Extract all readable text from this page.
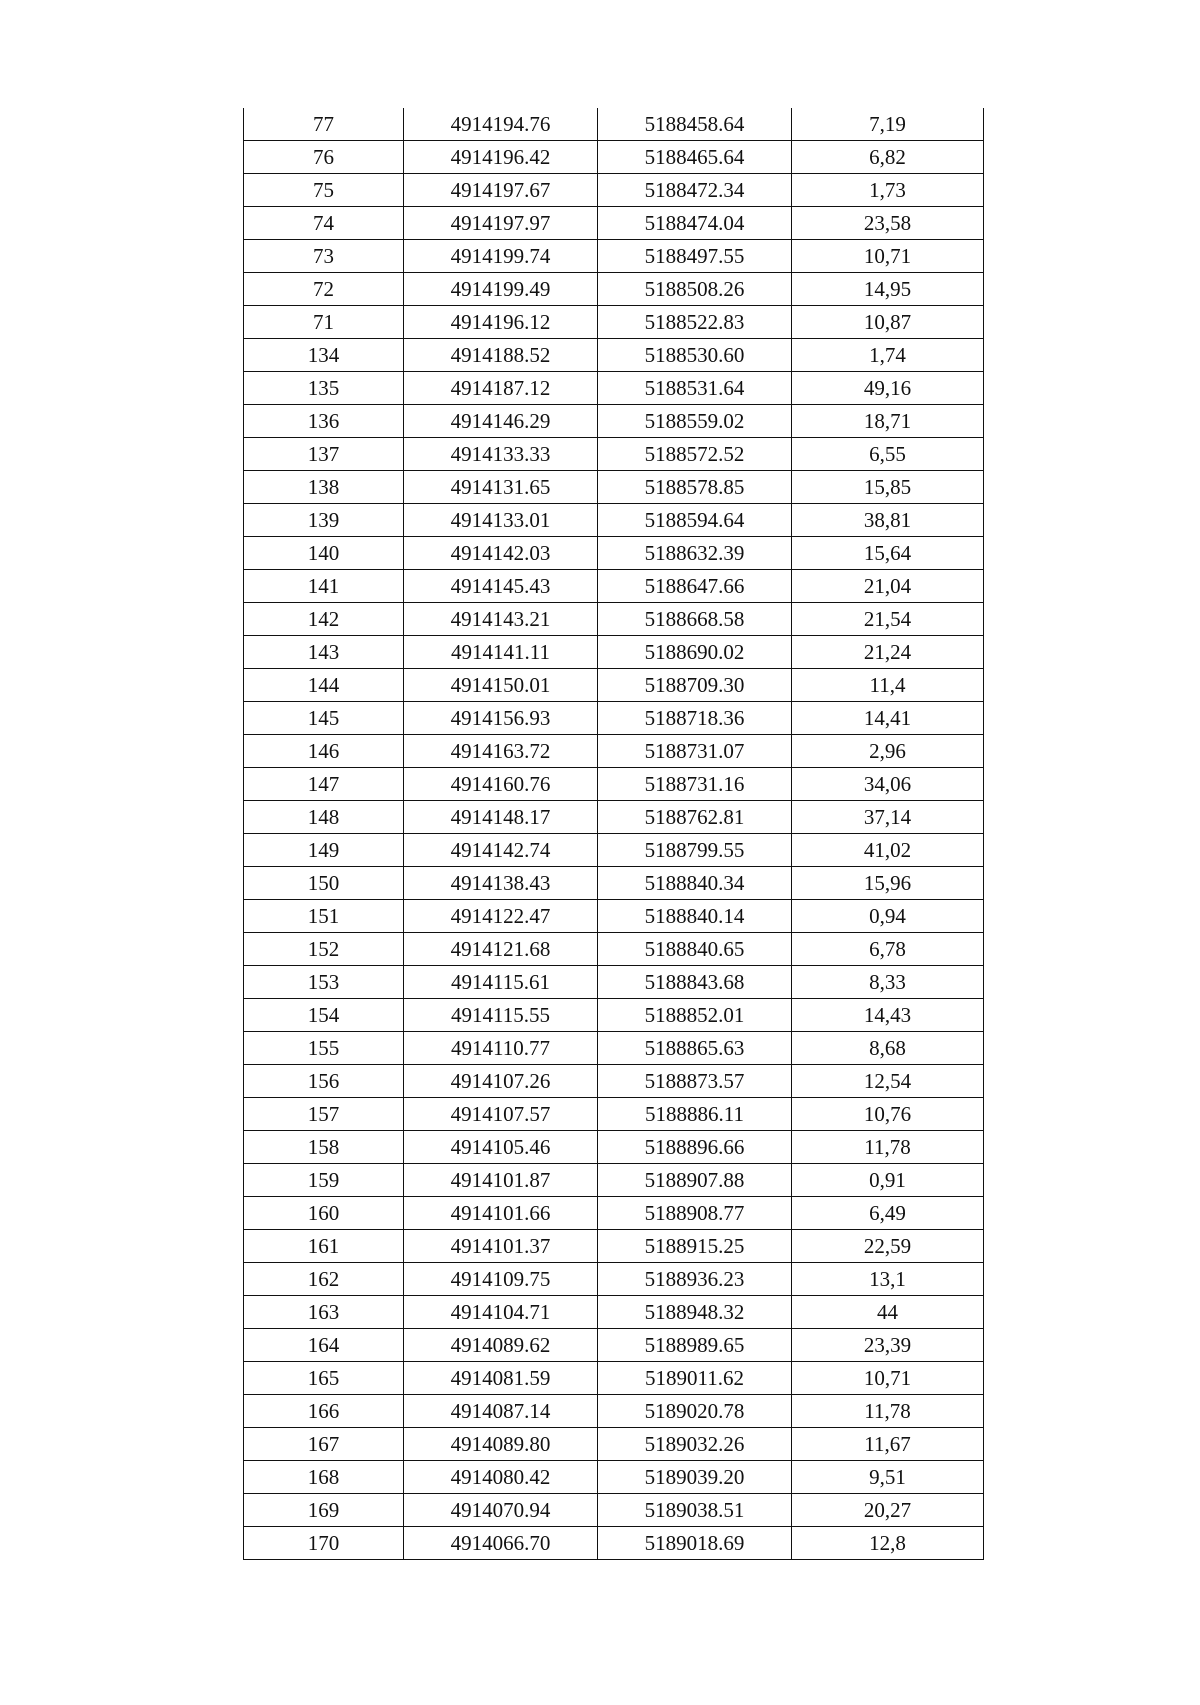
77	4914194.76	5188458.64	7,19
76	4914196.42	5188465.64	6,82
75	4914197.67	5188472.34	1,73
74	4914197.97	5188474.04	23,58
73	4914199.74	5188497.55	10,71
72	4914199.49	5188508.26	14,95
71	4914196.12	5188522.83	10,87
134	4914188.52	5188530.60	1,74
135	4914187.12	5188531.64	49,16
136	4914146.29	5188559.02	18,71
137	4914133.33	5188572.52	6,55
138	4914131.65	5188578.85	15,85
139	4914133.01	5188594.64	38,81
140	4914142.03	5188632.39	15,64
141	4914145.43	5188647.66	21,04
142	4914143.21	5188668.58	21,54
143	4914141.11	5188690.02	21,24
144	4914150.01	5188709.30	11,4
145	4914156.93	5188718.36	14,41
146	4914163.72	5188731.07	2,96
147	4914160.76	5188731.16	34,06
148	4914148.17	5188762.81	37,14
149	4914142.74	5188799.55	41,02
150	4914138.43	5188840.34	15,96
151	4914122.47	5188840.14	0,94
152	4914121.68	5188840.65	6,78
153	4914115.61	5188843.68	8,33
154	4914115.55	5188852.01	14,43
155	4914110.77	5188865.63	8,68
156	4914107.26	5188873.57	12,54
157	4914107.57	5188886.11	10,76
158	4914105.46	5188896.66	11,78
159	4914101.87	5188907.88	0,91
160	4914101.66	5188908.77	6,49
161	4914101.37	5188915.25	22,59
162	4914109.75	5188936.23	13,1
163	4914104.71	5188948.32	44
164	4914089.62	5188989.65	23,39
165	4914081.59	5189011.62	10,71
166	4914087.14	5189020.78	11,78
167	4914089.80	5189032.26	11,67
168	4914080.42	5189039.20	9,51
169	4914070.94	5189038.51	20,27
170	4914066.70	5189018.69	12,8
